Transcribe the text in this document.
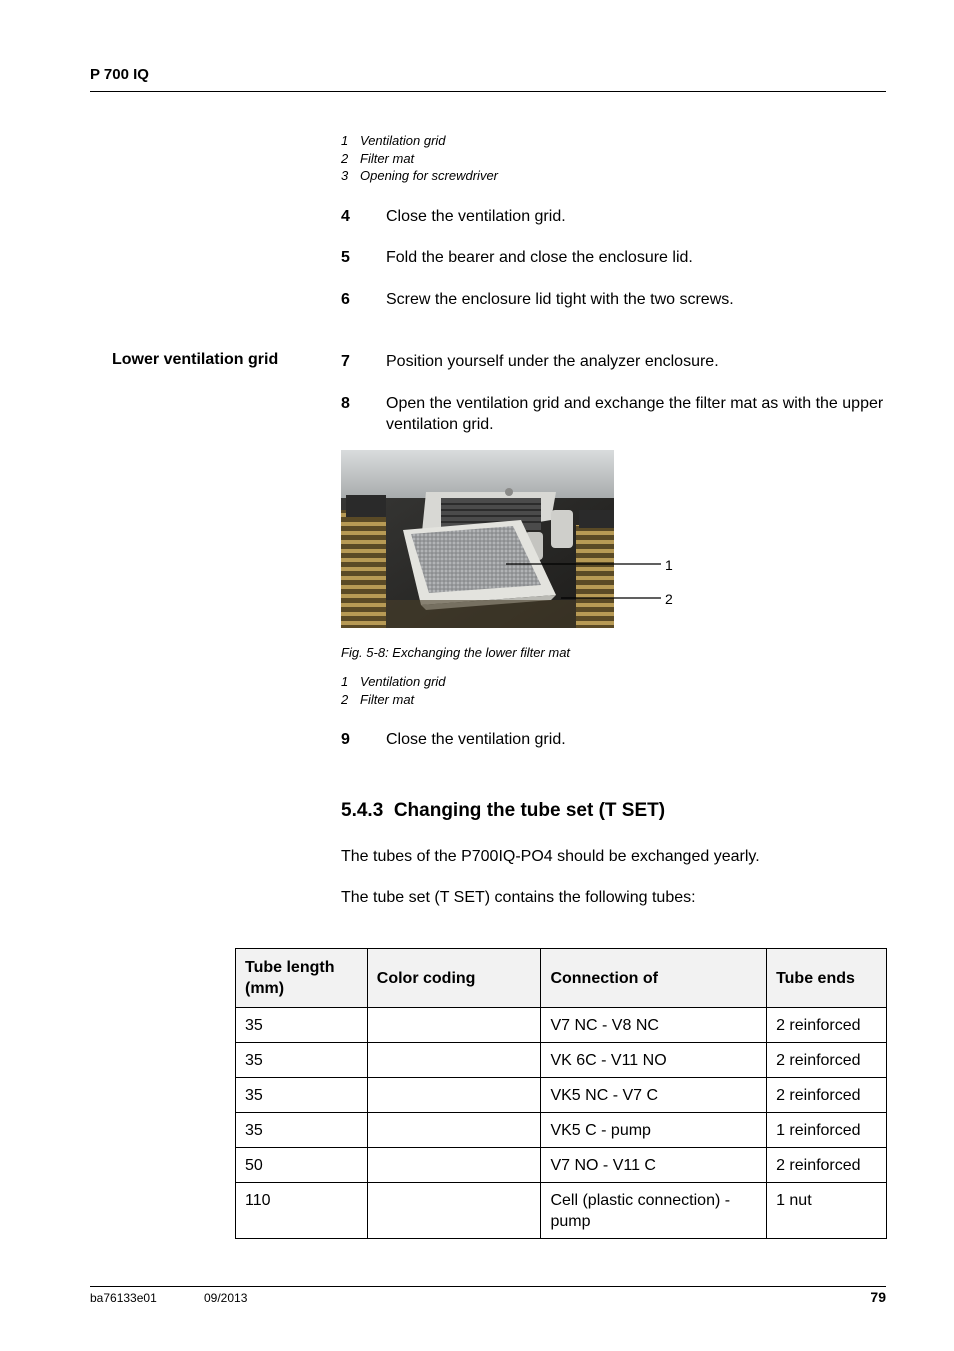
P 700 IQ
1 Ventilation grid
2 Filter mat
3 Opening for screwdriver
4 Close the ventilation grid.
5 Fold the bearer and close the enclosure lid.
6 Screw the enclosure lid tight with the two screws.
Lower ventilation grid	7 Position yourself under the analyzer enclosure.
8 Open the ventilation grid and exchange the filter mat as with the upper ventilation grid.
1
2
Fig. 5-8: Exchanging the lower filter mat
1 Ventilation grid
2 Filter mat
9 Close the ventilation grid.
5.4.3  Changing the tube set (T SET)
The tubes of the P700IQ-PO4 should be exchanged yearly.
The tube set (T SET) contains the following tubes:
Tube length (mm)	Color coding	Connection of	Tube ends
35		V7 NC - V8 NC	2 reinforced
35		VK 6C - V11 NO	2 reinforced
35		VK5 NC - V7 C	2 reinforced
35		VK5 C - pump	1 reinforced
50		V7 NO - V11 C	2 reinforced
110		Cell (plastic connection) - pump	1 nut
ba76133e01	09/2013	79
